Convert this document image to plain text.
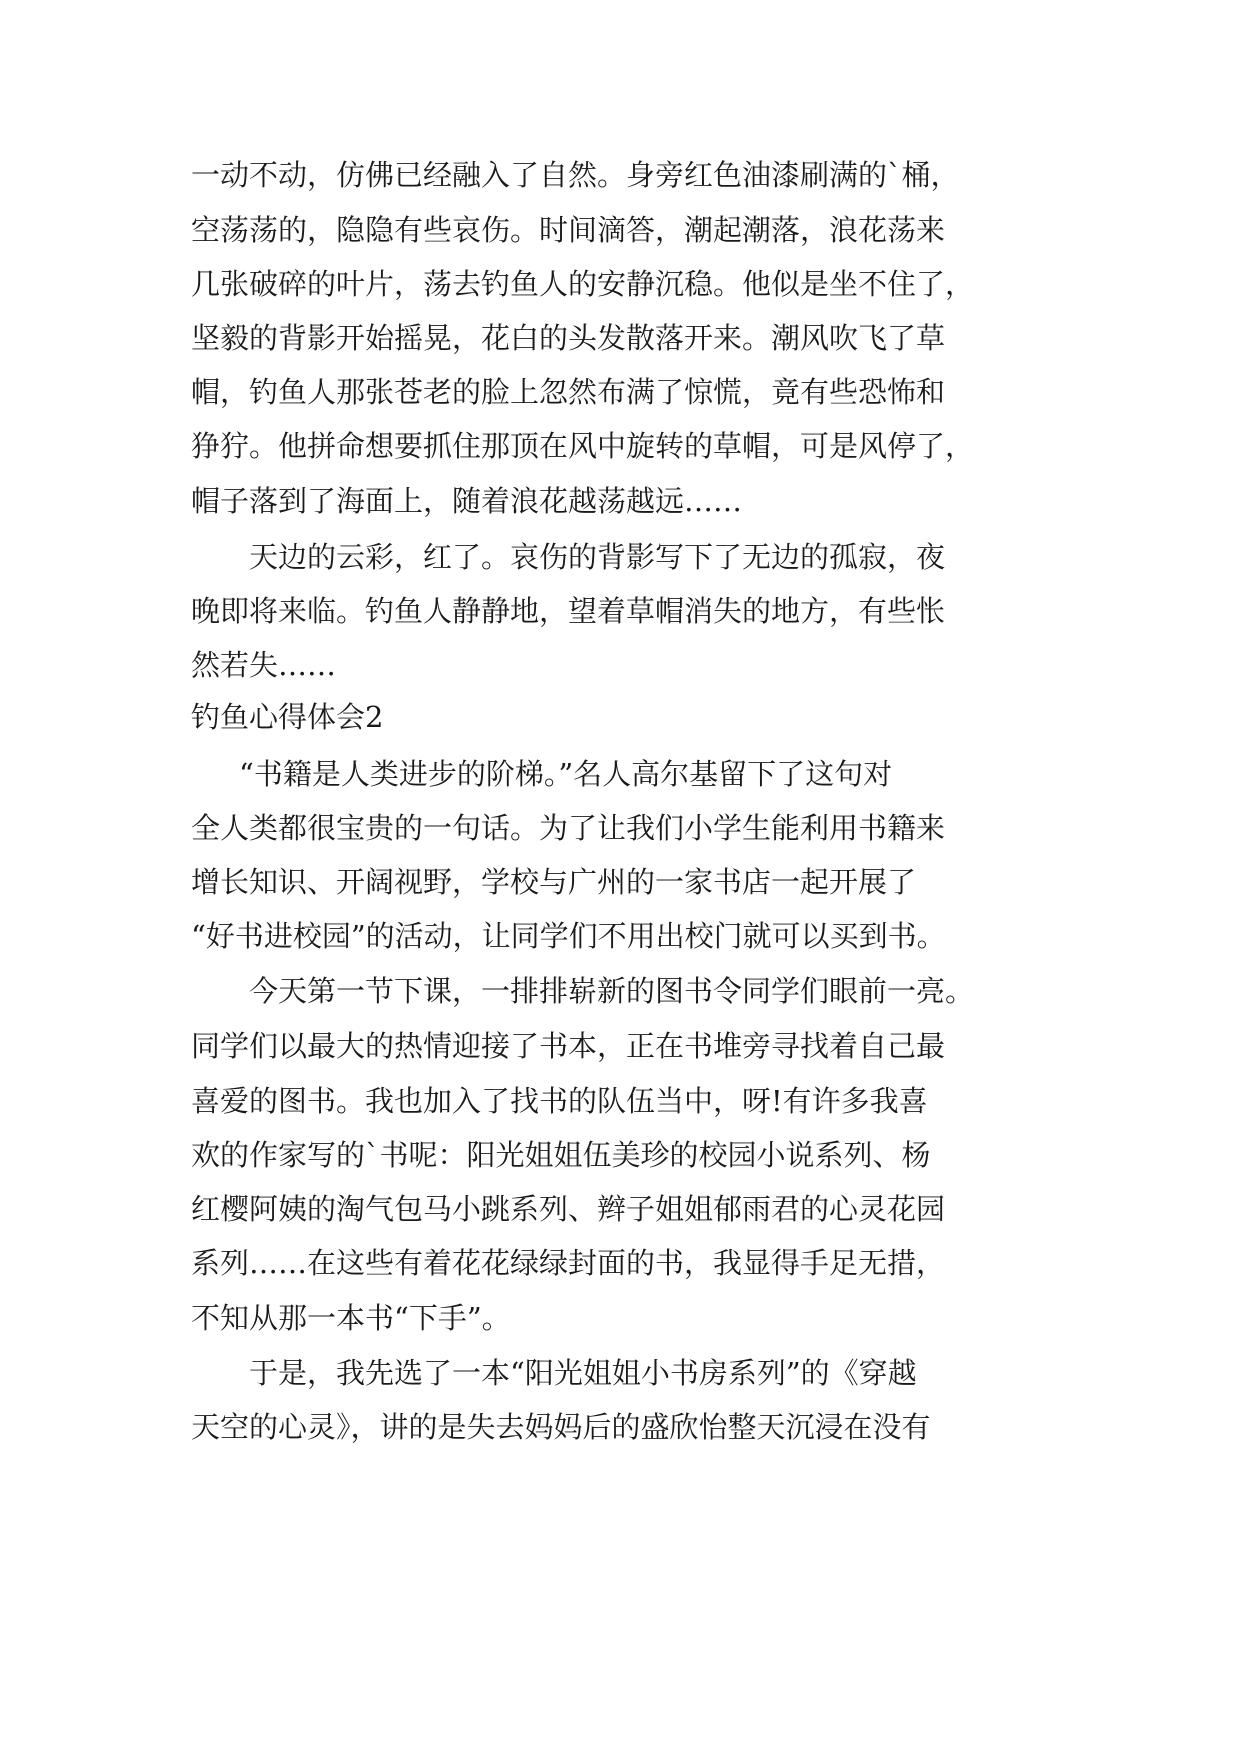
一动不动，仿佛已经融入了自然。身旁红色油漆刷满的`桶，
空荡荡的，隐隐有些哀伤。时间滴答，潮起潮落，浪花荡来
几张破碎的叶片，荡去钓鱼人的安静沉稳。他似是坐不住了，
坚毅的背影开始摇晃，花白的头发散落开来。潮风吹飞了草
帽，钓鱼人那张苍老的脸上忽然布满了惊慌，竟有些恐怖和
狰狞。他拼命想要抓住那顶在风中旋转的草帽，可是风停了，
帽子落到了海面上，随着浪花越荡越远……
天边的云彩，红了。哀伤的背影写下了无边的孤寂，夜
晚即将来临。钓鱼人静静地，望着草帽消失的地方，有些怅
然若失……
钓鱼心得体会2
“书籍是人类进步的阶梯。”名人高尔基留下了这句对
全人类都很宝贵的一句话。为了让我们小学生能利用书籍来
增长知识、开阔视野，学校与广州的一家书店一起开展了
“好书进校园”的活动，让同学们不用出校门就可以买到书。
今天第一节下课，一排排崭新的图书令同学们眼前一亮。
同学们以最大的热情迎接了书本，正在书堆旁寻找着自己最
喜爱的图书。我也加入了找书的队伍当中，呀!有许多我喜
欢的作家写的`书呢：阳光姐姐伍美珍的校园小说系列、杨
红樱阿姨的淘气包马小跳系列、辫子姐姐郁雨君的心灵花园
系列……在这些有着花花绿绿封面的书，我显得手足无措，
不知从那一本书“下手”。
于是，我先选了一本“阳光姐姐小书房系列”的《穿越
天空的心灵》，讲的是失去妈妈后的盛欣怡整天沉浸在没有
